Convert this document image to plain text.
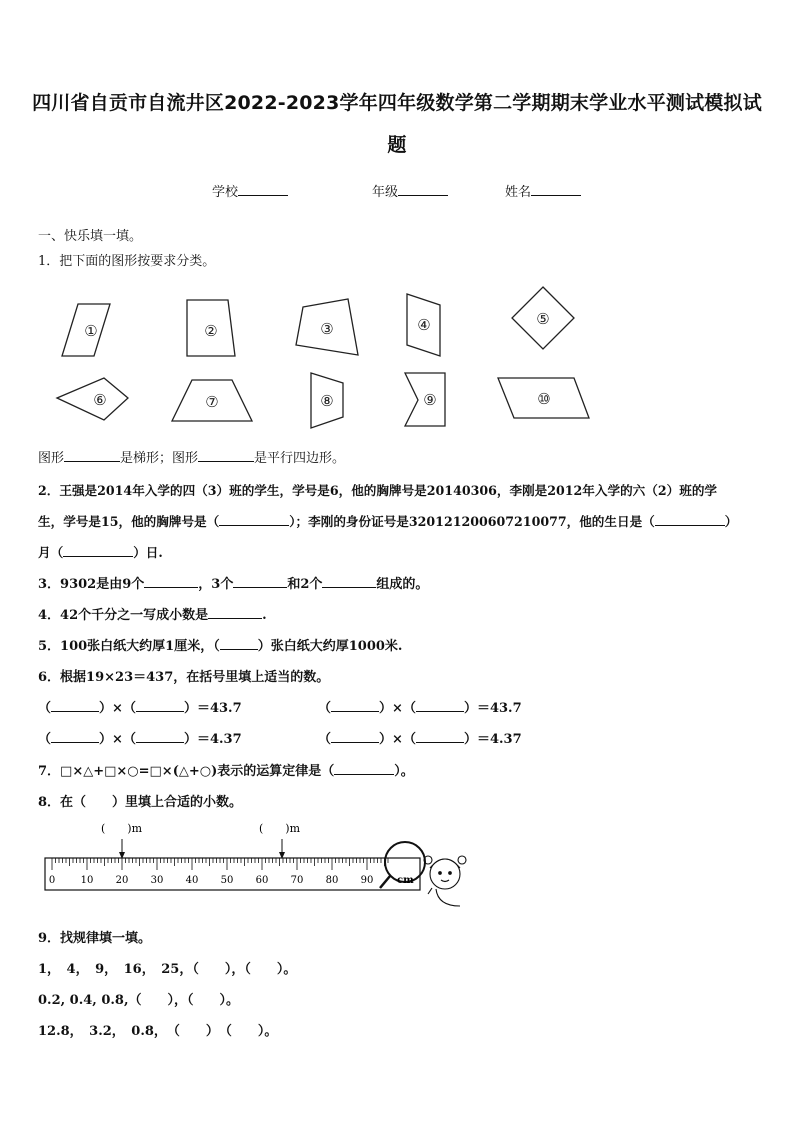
四川省自贡市自流井区2022-2023学年四年级数学第二学期期末学业水平测试模拟试
题
学校	年级	姓名
一、快乐填一填。
1．把下面的图形按要求分类。
①	②	③	④	⑤
⑥	⑦	⑧	⑨	⑩
图形	是梯形；图形	是平行四边形。
2．王强是2014年入学的四（3）班的学生，学号是6，他的胸牌号是20140306，李刚是2012年入学的六（2）班的学
生，学号是15，他的胸牌号是（	）；李刚的身份证号是320121200607210077，他的生日是（	）
月（	）日.
3．9302是由9个	，3个	和2个	组成的。
4．42个千分之一写成小数是	.
5．100张白纸大约厚1厘米，（	）张白纸大约厚1000米.
6．根据19×23＝437，在括号里填上适当的数。
（	）×（	）＝43.7	（	）×（	）＝43.7
（	）×（	）＝4.37	（	）×（	）＝4.37
7．□×△+□×○=□×(△+○)表示的运算定律是（	）。
8．在（　　）里填上合适的小数。
(　　)m	(　　)m
0	10 20 30 40 50 60 70 80 90 cm
9．找规律填一填。
1，　4，　9，　16，　25，（　　），（　　）。
0.2, 0.4, 0.8,（　　），（　　）。
12.8，　3.2，　0.8，　（　　）　（　　）。
